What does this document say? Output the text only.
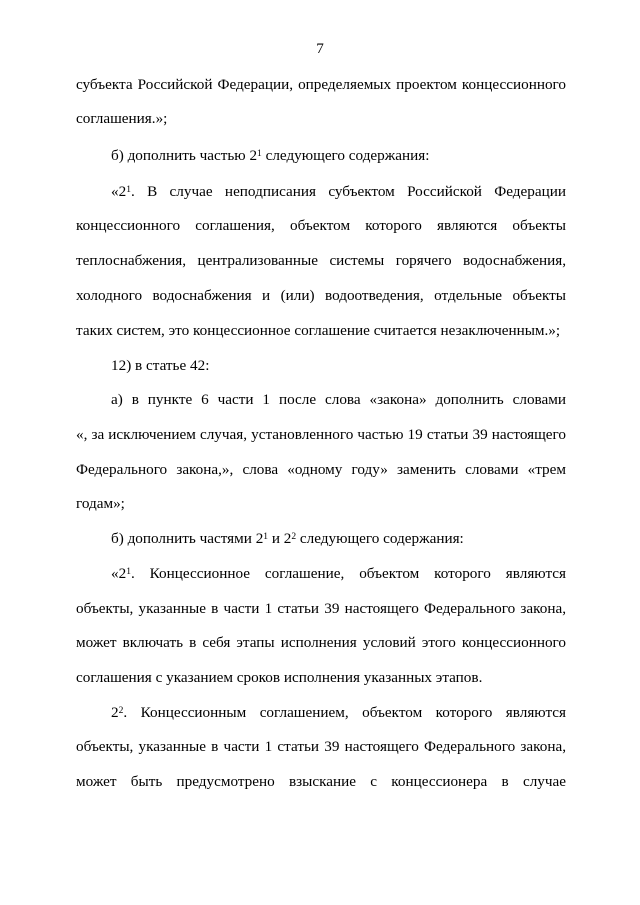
7
субъекта Российской Федерации, определяемых проектом концессионного
соглашения.»;
б) дополнить частью $2^1$ следующего содержания:
«$2^1$. В случае неподписания субъектом Российской Федерации
концессионного соглашения, объектом которого являются объекты
теплоснабжения, централизованные системы горячего водоснабжения,
холодного водоснабжения и (или) водоотведения, отдельные объекты
таких систем, это концессионное соглашение считается незаключенным.»;
12) в статье 42:
а) в пункте 6 части 1 после слова «закона» дополнить словами
«, за исключением случая, установленного частью 19 статьи 39 настоящего
Федерального закона,», слова «одному году» заменить словами «трем
годам»;
б) дополнить частями $2^1$ и $2^2$ следующего содержания:
«$2^1$. Концессионное соглашение, объектом которого являются
объекты, указанные в части 1 статьи 39 настоящего Федерального закона,
может включать в себя этапы исполнения условий этого концессионного
соглашения с указанием сроков исполнения указанных этапов.
$2^2$. Концессионным соглашением, объектом которого являются
объекты, указанные в части 1 статьи 39 настоящего Федерального закона,
может быть предусмотрено взыскание с концессионера в случае
